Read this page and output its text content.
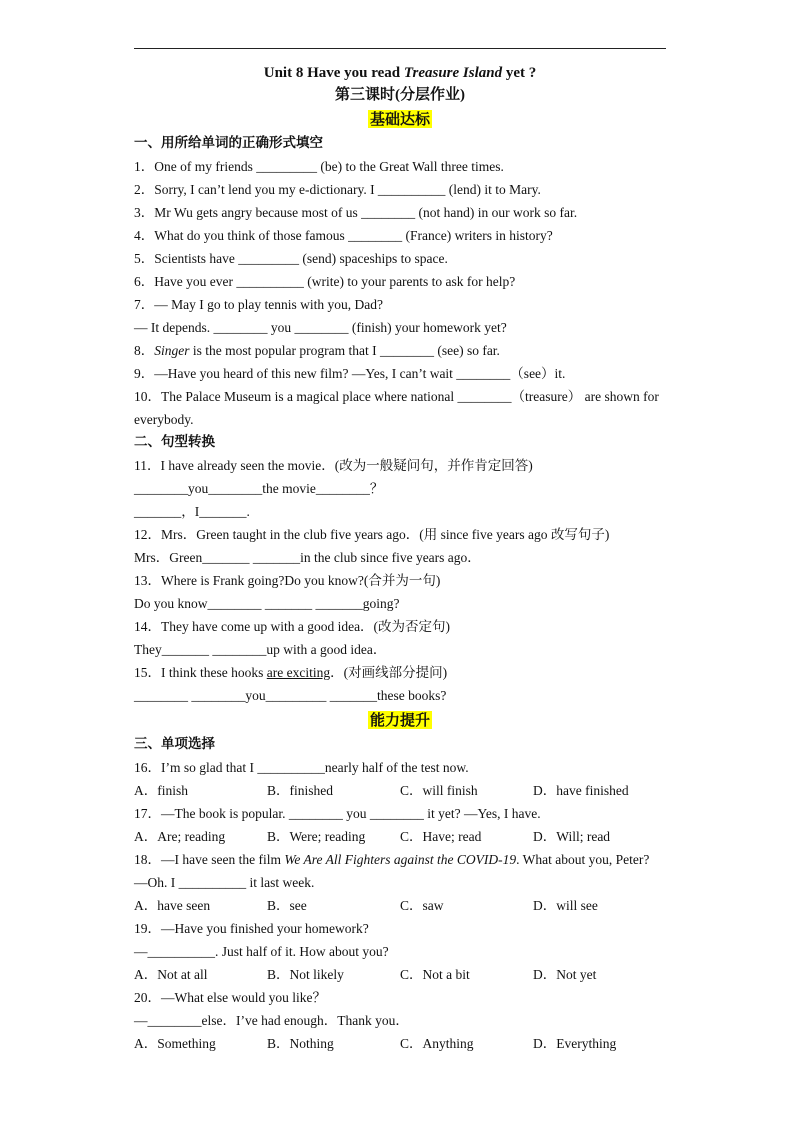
Unit 8 Have you read Treasure Island yet ?
第三课时(分层作业)
基础达标
一、用所给单词的正确形式填空
1．One of my friends _________ (be) to the Great Wall three times.
2．Sorry, I can’t lend you my e-dictionary. I __________ (lend) it to Mary.
3．Mr Wu gets angry because most of us ________ (not hand) in our work so far.
4．What do you think of those famous ________ (France) writers in history?
5．Scientists have _________ (send) spaceships to space.
6．Have you ever __________ (write) to your parents to ask for help?
7．— May I go to play tennis with you, Dad?
— It depends. ________ you ________ (finish) your homework yet?
8．Singer is the most popular program that I ________ (see) so far.
9．—Have you heard of this new film? —Yes, I can’t wait ________（see）it.
10．The Palace Museum is a magical place where national ________（treasure） are shown for everybody.
二、句型转换
11．I have already seen the movie．(改为一般疑问句，并作肯定回答)
________you________the movie________？
_______，I_______.
12．Mrs．Green taught in the club five years ago．(用 since five years ago 改写句子)
Mrs．Green_______ _______in the club since five years ago．
13．Where is Frank going?Do you know?(合并为一句)
Do you know________ _______ _______going?
14．They have come up with a good idea．(改为否定句)
They_______ ________up with a good idea．
15．I think these hooks are exciting．(对画线部分提问)
________ ________you_________ _______these books?
能力提升
三、单项选择
16．I’m so glad that I __________nearly half of the test now.
A．finish	B．finished	C．will finish	D．have finished
17．—The book is popular. ________ you ________ it yet? —Yes, I have.
A．Are; reading	B．Were; reading	C．Have; read	D．Will; read
18．—I have seen the film We Are All Fighters against the COVID-19. What about you, Peter?
—Oh. I __________ it last week.
A．have seen	B．see	C．saw	D．will see
19．—Have you finished your homework?
—__________. Just half of it. How about you?
A．Not at all	B．Not likely	C．Not a bit	D．Not yet
20．—What else would you like？
—________else．I’ve had enough．Thank you．
A．Something	B．Nothing	C．Anything	D．Everything
